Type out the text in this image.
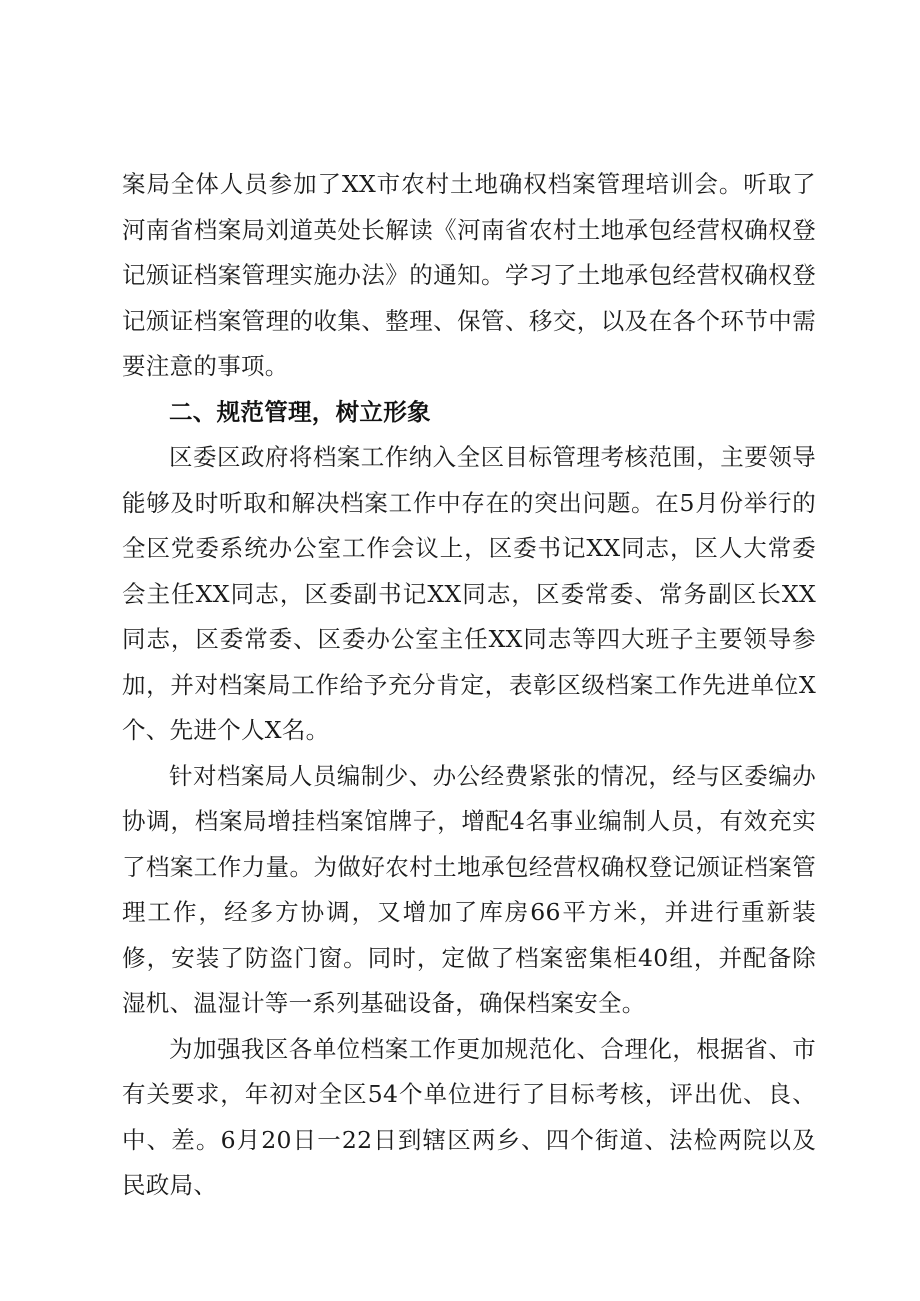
案局全体人员参加了XX市农村土地确权档案管理培训会。听取了河南省档案局刘道英处长解读《河南省农村土地承包经营权确权登记颁证档案管理实施办法》的通知。学习了土地承包经营权确权登记颁证档案管理的收集、整理、保管、移交，以及在各个环节中需要注意的事项。

二、规范管理，树立形象

区委区政府将档案工作纳入全区目标管理考核范围，主要领导能够及时听取和解决档案工作中存在的突出问题。在5月份举行的全区党委系统办公室工作会议上，区委书记XX同志，区人大常委会主任XX同志，区委副书记XX同志，区委常委、常务副区长XX同志，区委常委、区委办公室主任XX同志等四大班子主要领导参加，并对档案局工作给予充分肯定，表彰区级档案工作先进单位X个、先进个人X名。

针对档案局人员编制少、办公经费紧张的情况，经与区委编办协调，档案局增挂档案馆牌子，增配4名事业编制人员，有效充实了档案工作力量。为做好农村土地承包经营权确权登记颁证档案管理工作，经多方协调，又增加了库房66平方米，并进行重新装修，安装了防盗门窗。同时，定做了档案密集柜40组，并配备除湿机、温湿计等一系列基础设备，确保档案安全。

为加强我区各单位档案工作更加规范化、合理化，根据省、市有关要求，年初对全区54个单位进行了目标考核，评出优、良、中、差。6月20日一22日到辖区两乡、四个街道、法检两院以及民政局、
